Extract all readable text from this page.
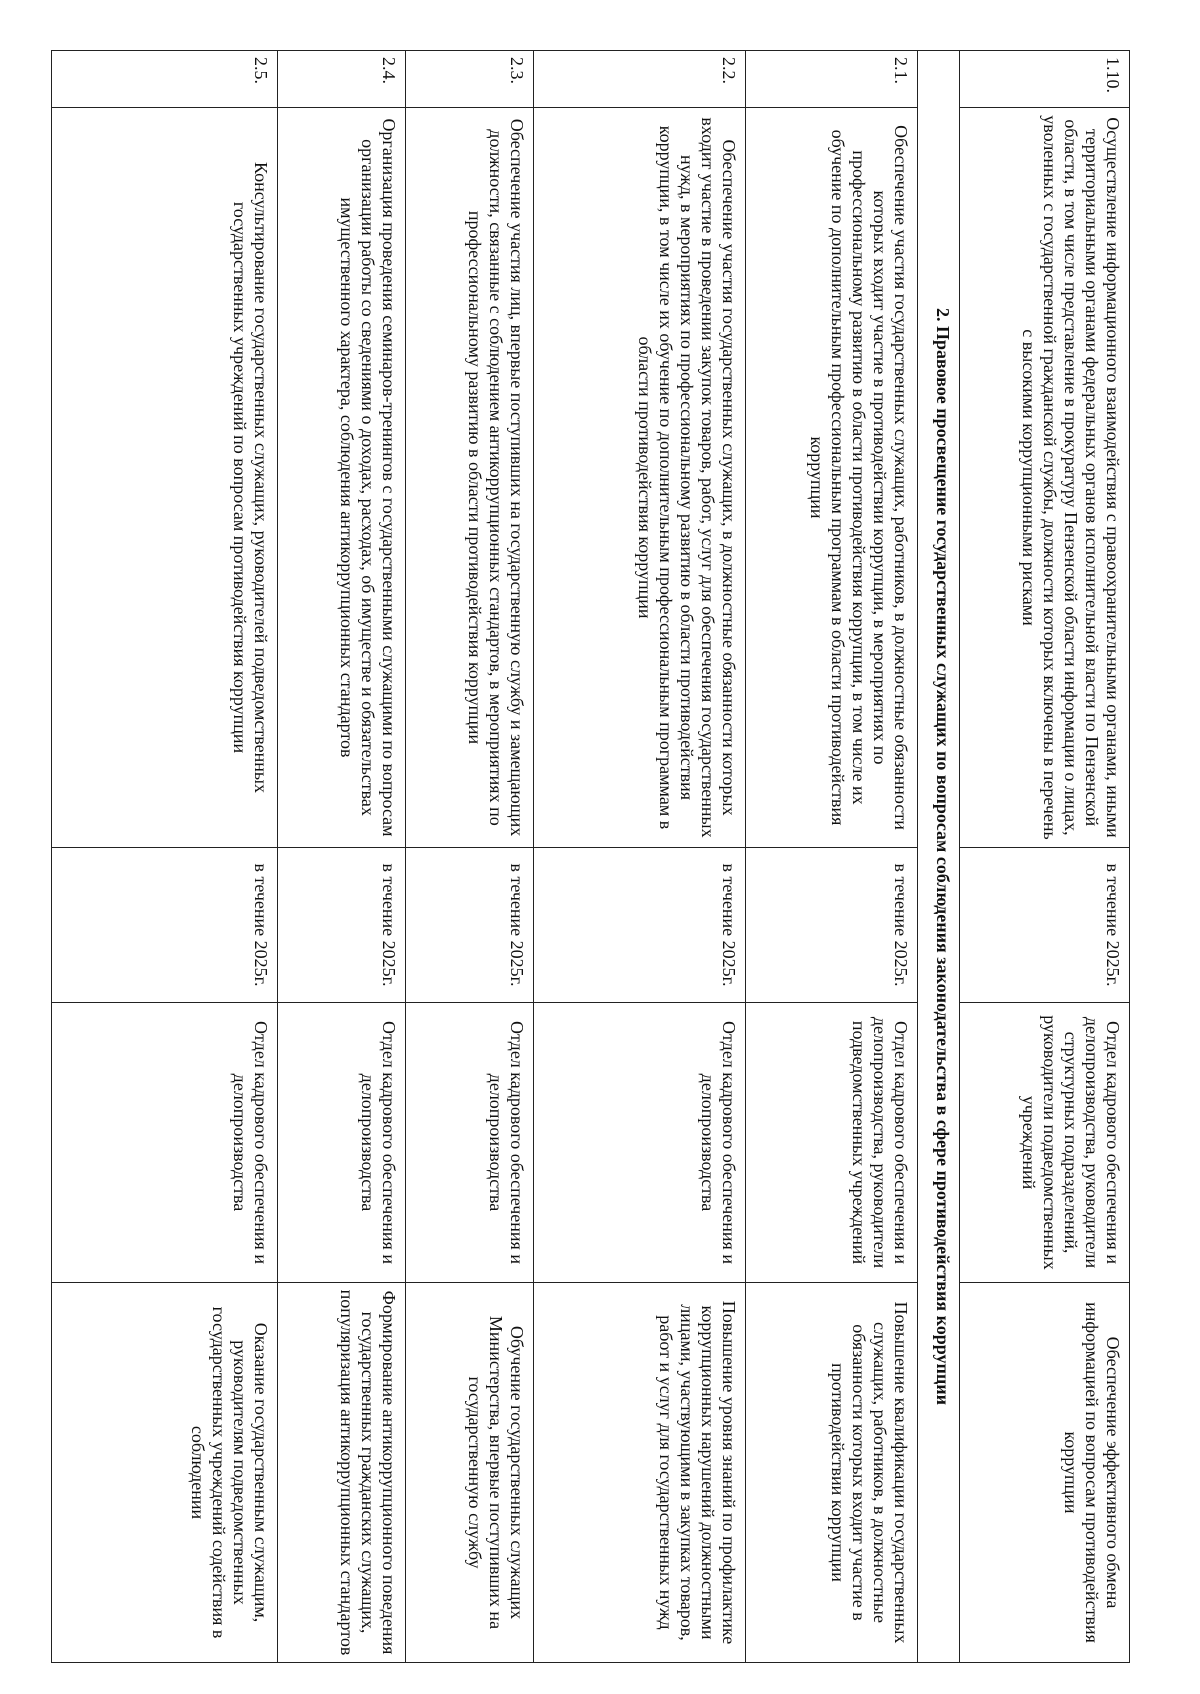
1.10.	Осуществление информационного взаимодействия с правоохранительными органами, иными территориальными органами федеральных органов исполнительной власти по Пензенской области, в том числе представление в прокуратуру Пензенской области информации о лицах, уволенных с государственной гражданской службы, должности которых включены в перечень с высокими коррупционными рисками	в течение 2025г.	Отдел кадрового обеспечения и делопроизводства, руководители структурных подразделений, руководители подведомственных учреждений	Обеспечение эффективного обмена информацией по вопросам противодействия коррупции
2. Правовое просвещение государственных служащих по вопросам соблюдения законодательства в сфере противодействия коррупции				
2.1.	Обеспечение участия государственных служащих, работников, в должностные обязанности которых входит участие в противодействии коррупции, в мероприятиях по профессиональному развитию в области противодействия коррупции, в том числе их обучение по дополнительным профессиональным программам в области противодействия коррупции	в течение 2025г.	Отдел кадрового обеспечения и делопроизводства, руководители подведомственных учреждений	Повышение квалификации государственных служащих, работников, в должностные обязанности которых входит участие в противодействии коррупции
2.2.	Обеспечение участия государственных служащих, в должностные обязанности которых входит участие в проведении закупок товаров, работ, услуг для обеспечения государственных нужд, в мероприятиях по профессиональному развитию в области противодействия коррупции, в том числе их обучение по дополнительным профессиональным программам в области противодействия коррупции	в течение 2025г.	Отдел кадрового обеспечения и делопроизводства	Повышение уровня знаний по профилактике коррупционных нарушений должностными лицами, участвующими в закупках товаров, работ и услуг для государственных нужд
2.3.	Обеспечение участия лиц, впервые поступивших на государственную службу и замещающих должности, связанные с соблюдением антикоррупционных стандартов, в мероприятиях по профессиональному развитию в области противодействия коррупции	в течение 2025г.	Отдел кадрового обеспечения и делопроизводства	Обучение государственных служащих Министерства, впервые поступивших на государственную службу
2.4.	Организация проведения семинаров-тренингов с государственными служащими по вопросам организации работы со сведениями о доходах, расходах, об имуществе и обязательствах имущественного характера, соблюдения антикоррупционных стандартов	в течение 2025г.	Отдел кадрового обеспечения и делопроизводства	Формирование антикоррупционного поведения государственных гражданских служащих, популяризация антикоррупционных стандартов
2.5.	Консультирование государственных служащих, руководителей подведомственных государственных учреждений по вопросам противодействия коррупции	в течение 2025г.	Отдел кадрового обеспечения и делопроизводства	Оказание государственным служащим, руководителям подведомственных государственных учреждений содействия в соблюдении
